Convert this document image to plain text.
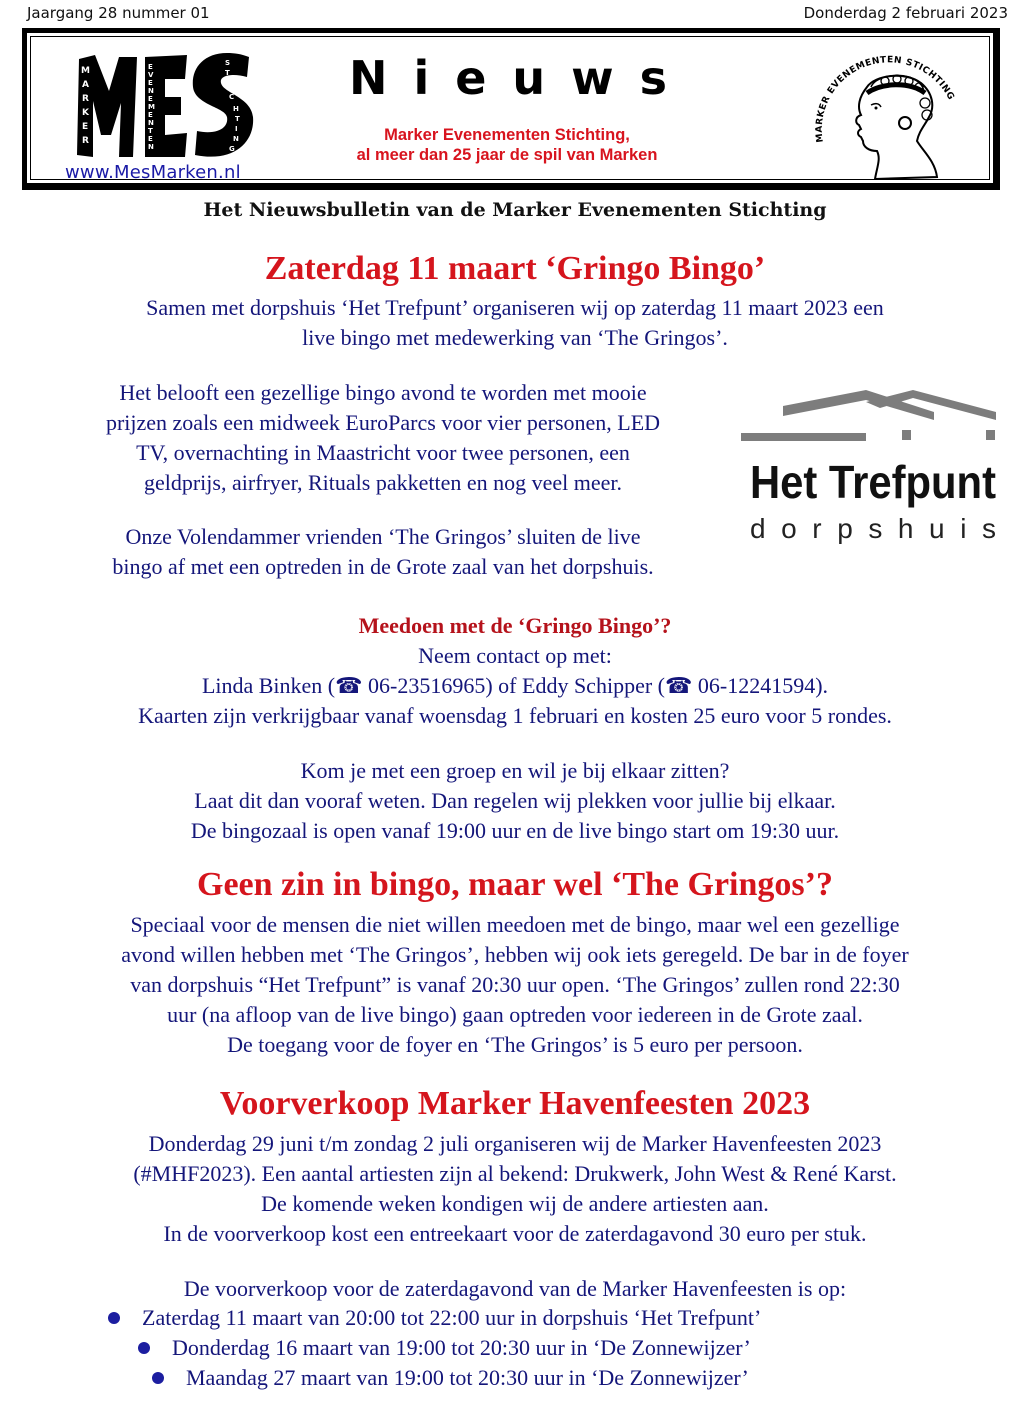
Jaargang 28 nummer 01	Donderdag 2 februari 2023
M
A
R
K
E
R
E
V
E
N
E
M
E
N
T
E
N
S
T
I
C
H
T
I
N
G
www.MesMarken.nl
Nieuws
Marker Evenementen Stichting,
al meer dan 25 jaar de spil van Marken
MARKER EVENEMENTEN STICHTING
Het Nieuwsbulletin van de Marker Evenementen Stichting
Zaterdag 11 maart ‘Gringo Bingo’
Samen met dorpshuis ‘Het Trefpunt’ organiseren wij op zaterdag 11 maart 2023 een
live bingo met medewerking van ‘The Gringos’.
Het belooft een gezellige bingo avond te worden met mooie
prijzen zoals een midweek EuroParcs voor vier personen, LED
TV, overnachting in Maastricht voor twee personen, een
geldprijs, airfryer, Rituals pakketten en nog veel meer.
Onze Volendammer vrienden ‘The Gringos’ sluiten de live
bingo af met een optreden in de Grote zaal van het dorpshuis.
Het Trefpunt
dorpshuis
Meedoen met de ‘Gringo Bingo’?
Neem contact op met:
Linda Binken (☎ 06-23516965) of Eddy Schipper (☎ 06-12241594).
Kaarten zijn verkrijgbaar vanaf woensdag 1 februari en kosten 25 euro voor 5 rondes.
Kom je met een groep en wil je bij elkaar zitten?
Laat dit dan vooraf weten. Dan regelen wij plekken voor jullie bij elkaar.
De bingozaal is open vanaf 19:00 uur en de live bingo start om 19:30 uur.
Geen zin in bingo, maar wel ‘The Gringos’?
Speciaal voor de mensen die niet willen meedoen met de bingo, maar wel een gezellige
avond willen hebben met ‘The Gringos’, hebben wij ook iets geregeld. De bar in de foyer
van dorpshuis “Het Trefpunt” is vanaf 20:30 uur open. ‘The Gringos’ zullen rond 22:30
uur (na afloop van de live bingo) gaan optreden voor iedereen in de Grote zaal.
De toegang voor de foyer en ‘The Gringos’ is 5 euro per persoon.
Voorverkoop Marker Havenfeesten 2023
Donderdag 29 juni t/m zondag 2 juli organiseren wij de Marker Havenfeesten 2023
(#MHF2023). Een aantal artiesten zijn al bekend: Drukwerk, John West & René Karst.
De komende weken kondigen wij de andere artiesten aan.
In de voorverkoop kost een entreekaart voor de zaterdagavond 30 euro per stuk.
De voorverkoop voor de zaterdagavond van de Marker Havenfeesten is op:
Zaterdag 11 maart van 20:00 tot 22:00 uur in dorpshuis ‘Het Trefpunt’
Donderdag 16 maart van 19:00 tot 20:30 uur in ‘De Zonnewijzer’
Maandag 27 maart van 19:00 tot 20:30 uur in ‘De Zonnewijzer’
